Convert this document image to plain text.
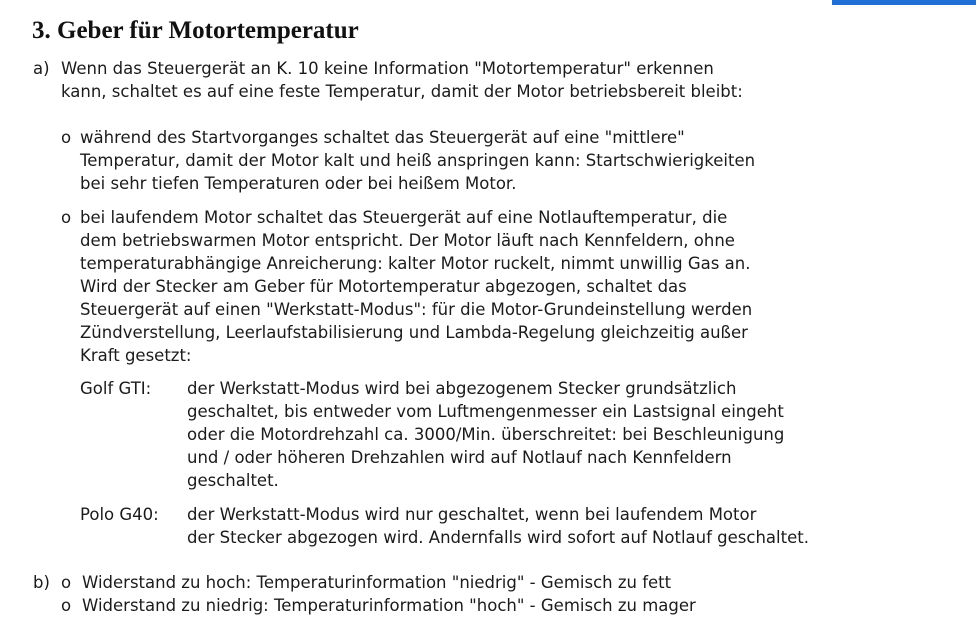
3. Geber für Motortemperatur
a) Wenn das Steuergerät an K. 10 keine Information "Motortemperatur" erkennen
kann, schaltet es auf eine feste Temperatur, damit der Motor betriebsbereit bleibt:
o während des Startvorganges schaltet das Steuergerät auf eine "mittlere"
Temperatur, damit der Motor kalt und heiß anspringen kann: Startschwierigkeiten
bei sehr tiefen Temperaturen oder bei heißem Motor.
o bei laufendem Motor schaltet das Steuergerät auf eine Notlauftemperatur, die
dem betriebswarmen Motor entspricht. Der Motor läuft nach Kennfeldern, ohne
temperaturabhängige Anreicherung: kalter Motor ruckelt, nimmt unwillig Gas an.
Wird der Stecker am Geber für Motortemperatur abgezogen, schaltet das
Steuergerät auf einen "Werkstatt-Modus": für die Motor-Grundeinstellung werden
Zündverstellung, Leerlaufstabilisierung und Lambda-Regelung gleichzeitig außer
Kraft gesetzt:
Golf GTI: der Werkstatt-Modus wird bei abgezogenem Stecker grundsätzlich
geschaltet, bis entweder vom Luftmengenmesser ein Lastsignal eingeht
oder die Motordrehzahl ca. 3000/Min. überschreitet: bei Beschleunigung
und / oder höheren Drehzahlen wird auf Notlauf nach Kennfeldern
geschaltet.
Polo G40: der Werkstatt-Modus wird nur geschaltet, wenn bei laufendem Motor
der Stecker abgezogen wird. Andernfalls wird sofort auf Notlauf geschaltet.
b) o Widerstand zu hoch: Temperaturinformation "niedrig" - Gemisch zu fett
o Widerstand zu niedrig: Temperaturinformation "hoch" - Gemisch zu mager
